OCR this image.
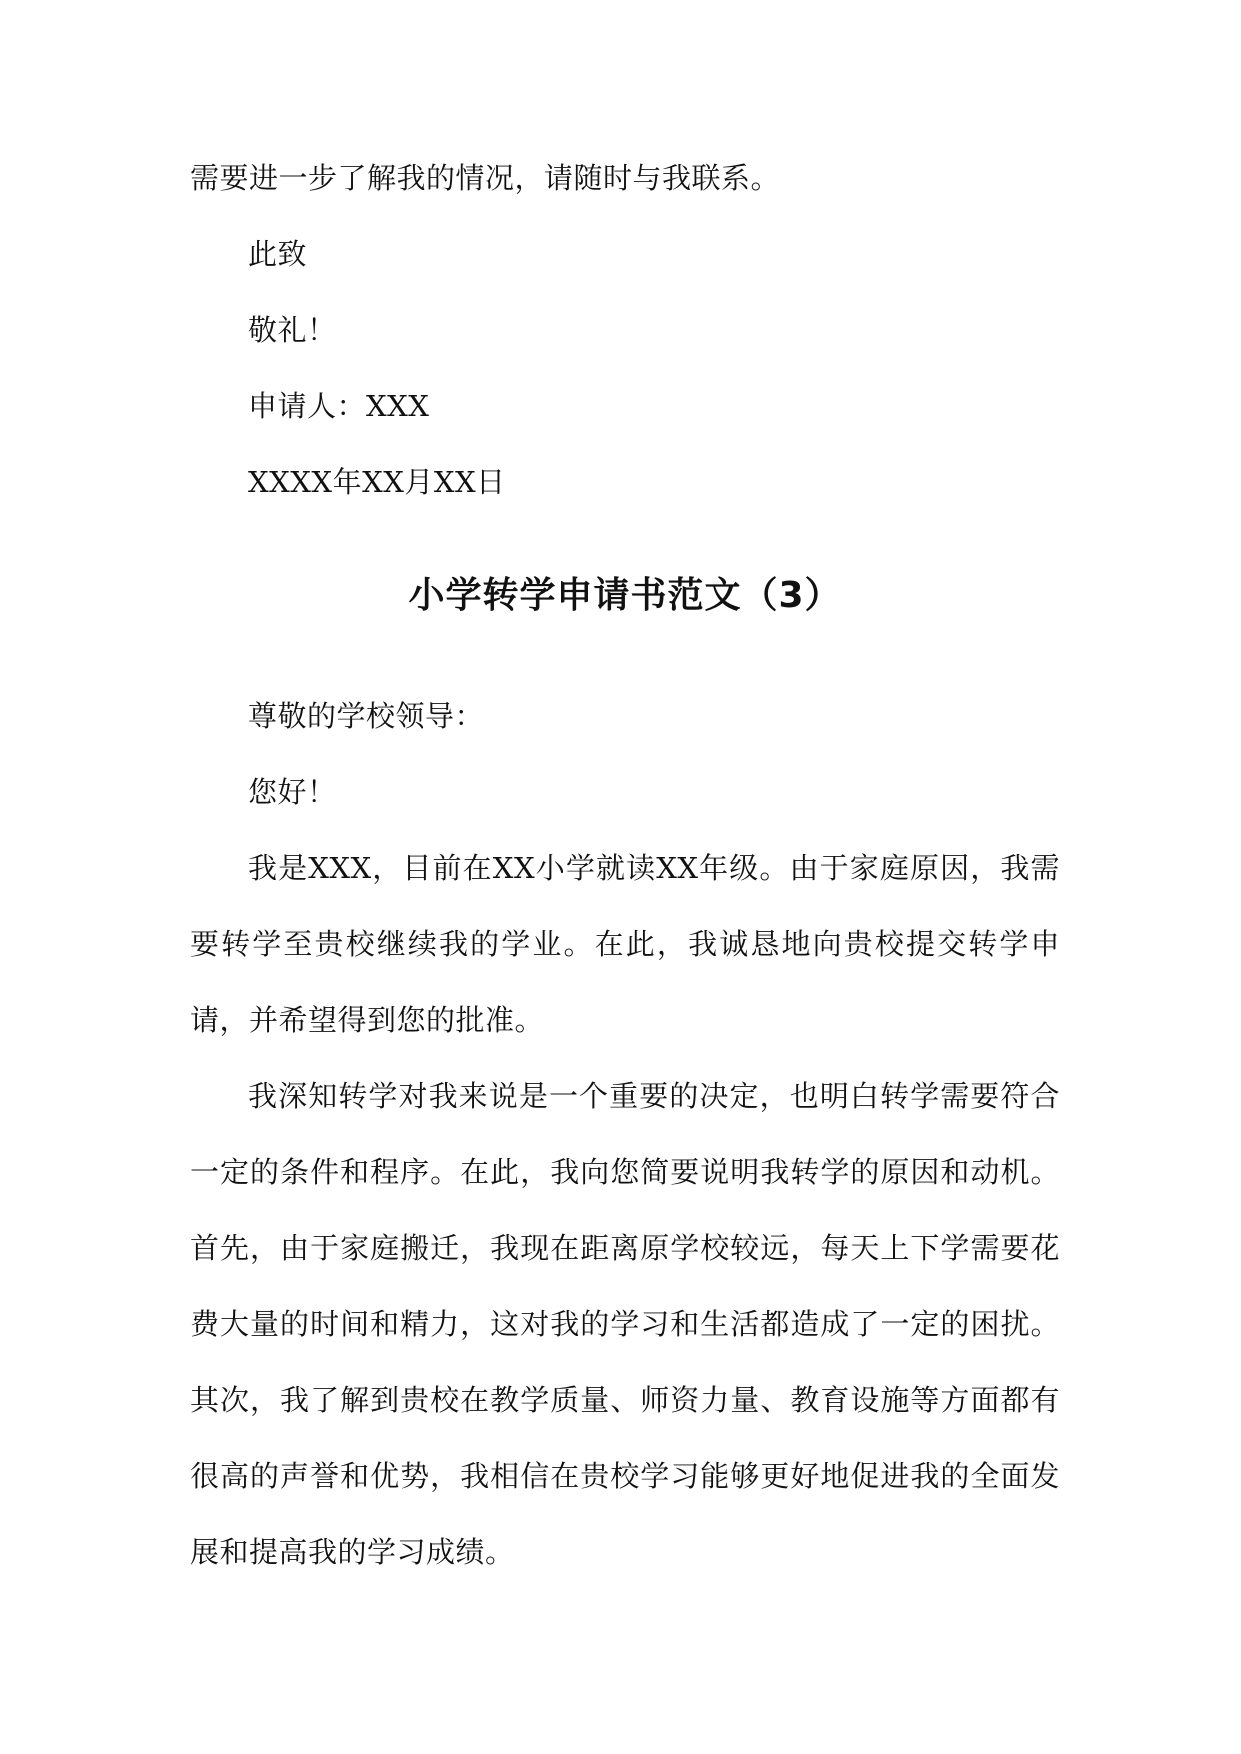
需要进一步了解我的情况，请随时与我联系。

此致

敬礼！

申请人：XXX

XXXX年XX月XX日

小学转学申请书范文（3）

尊敬的学校领导：

您好！

我是XXX，目前在XX小学就读XX年级。由于家庭原因，我需要转学至贵校继续我的学业。在此，我诚恳地向贵校提交转学申请，并希望得到您的批准。

我深知转学对我来说是一个重要的决定，也明白转学需要符合一定的条件和程序。在此，我向您简要说明我转学的原因和动机。首先，由于家庭搬迁，我现在距离原学校较远，每天上下学需要花费大量的时间和精力，这对我的学习和生活都造成了一定的困扰。其次，我了解到贵校在教学质量、师资力量、教育设施等方面都有很高的声誉和优势，我相信在贵校学习能够更好地促进我的全面发展和提高我的学习成绩。
